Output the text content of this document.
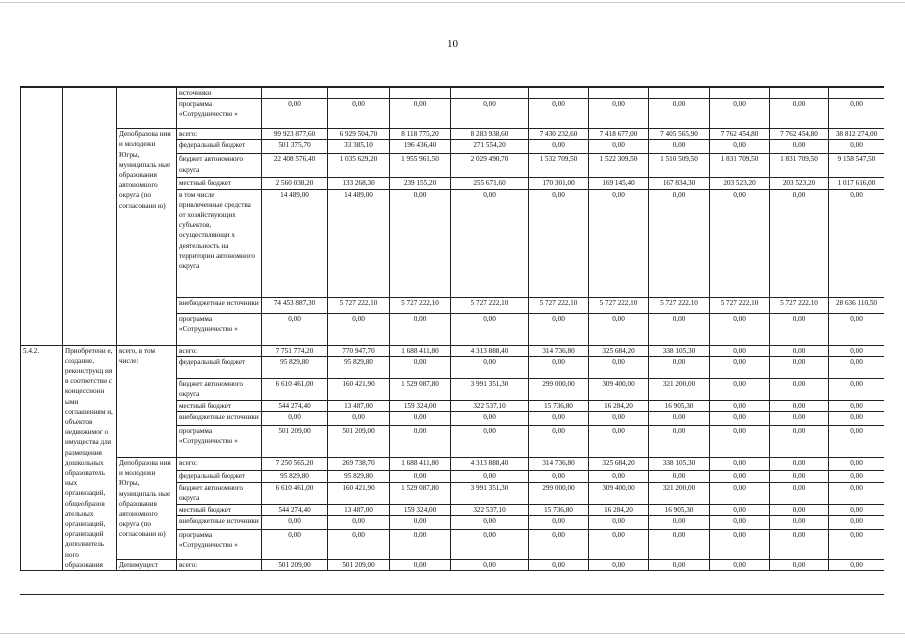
10
			источники										
			программа «Сотрудничество »	0,00	0,00	0,00	0,00	0,00	0,00	0,00	0,00	0,00	0,00
		Депобразова ния и молодежи Югры, муниципаль ные образования автономного округа (по согласовани ю)	всего:	99 923 877,60	6 929 504,70	8 118 775,20	8 283 938,60	7 430 232,60	7 418 677,00	7 405 565,90	7 762 454,80	7 762 454,80	38 812 274,00
			федеральный бюджет	501 375,70	33 385,10	196 436,40	271 554,20	0,00	0,00	0,00	0,00	0,00	0,00
			бюджет автономного округа	22 408 576,40	1 035 629,20	1 955 961,50	2 029 490,70	1 532 709,50	1 522 309,50	1 510 509,50	1 831 709,50	1 831 709,50	9 158 547,50
			местный бюджет	2 560 038,20	133 268,30	239 155,20	255 671,60	170 301,00	169 145,40	167 834,30	203 523,20	203 523,20	1 017 616,00
			в том числе привлеченные средства от хозяйствующих субъектов, осуществляющи х деятельность на территории автономного округа	14 489,00	14 489,00	0,00	0,00	0,00	0,00	0,00	0,00	0,00	0,00
			внебюджетные источники	74 453 887,30	5 727 222,10	5 727 222,10	5 727 222,10	5 727 222,10	5 727 222,10	5 727 222,10	5 727 222,10	5 727 222,10	28 636 110,50
			программа «Сотрудничество »	0,00	0,00	0,00	0,00	0,00	0,00	0,00	0,00	0,00	0,00
5.4.2.	Приобретени е, создание, реконструкц ия в соответстви с концессионн ыми соглашениям и, объектов недвижимог о имущества для размещения дошкольных образователь ных организаций, общеобразов ательных организаций, организаций дополнитель ного образования	всего, в том числе:	всего:	7 751 774,20	770 947,70	1 688 411,80	4 313 888,40	314 736,80	325 684,20	338 105,30	0,00	0,00	0,00
			федеральный бюджет	95 829,80	95 829,80	0,00	0,00	0,00	0,00	0,00	0,00	0,00	0,00
			бюджет автономного округа	6 610 461,00	160 421,90	1 529 087,80	3 991 351,30	299 000,00	309 400,00	321 200,00	0,00	0,00	0,00
			местный бюджет	544 274,40	13 487,00	159 324,00	322 537,10	15 736,80	16 284,20	16 905,30	0,00	0,00	0,00
			внебюджетные источники	0,00	0,00	0,00	0,00	0,00	0,00	0,00	0,00	0,00	0,00
			программа «Сотрудничество »	501 209,00	501 209,00	0,00	0,00	0,00	0,00	0,00	0,00	0,00	0,00
		Депобразова ния и молодежи Югры, муниципаль ные образования автономного округа (по согласовани ю)	всего:	7 250 565,20	269 738,70	1 688 411,80	4 313 888,40	314 736,80	325 684,20	338 105,30	0,00	0,00	0,00
			федеральный бюджет	95 829,80	95 829,80	0,00	0,00	0,00	0,00	0,00	0,00	0,00	0,00
			бюджет автономного округа	6 610 461,00	160 421,90	1 529 087,80	3 991 351,30	299 000,00	309 400,00	321 200,00	0,00	0,00	0,00
			местный бюджет	544 274,40	13 487,00	159 324,00	322 537,10	15 736,80	16 284,20	16 905,30	0,00	0,00	0,00
			внебюджетные источники	0,00	0,00	0,00	0,00	0,00	0,00	0,00	0,00	0,00	0,00
			программа «Сотрудничество »	0,00	0,00	0,00	0,00	0,00	0,00	0,00	0,00	0,00	0,00
		Депимущест	всего:	501 209,00	501 209,00	0,00	0,00	0,00	0,00	0,00	0,00	0,00	0,00
